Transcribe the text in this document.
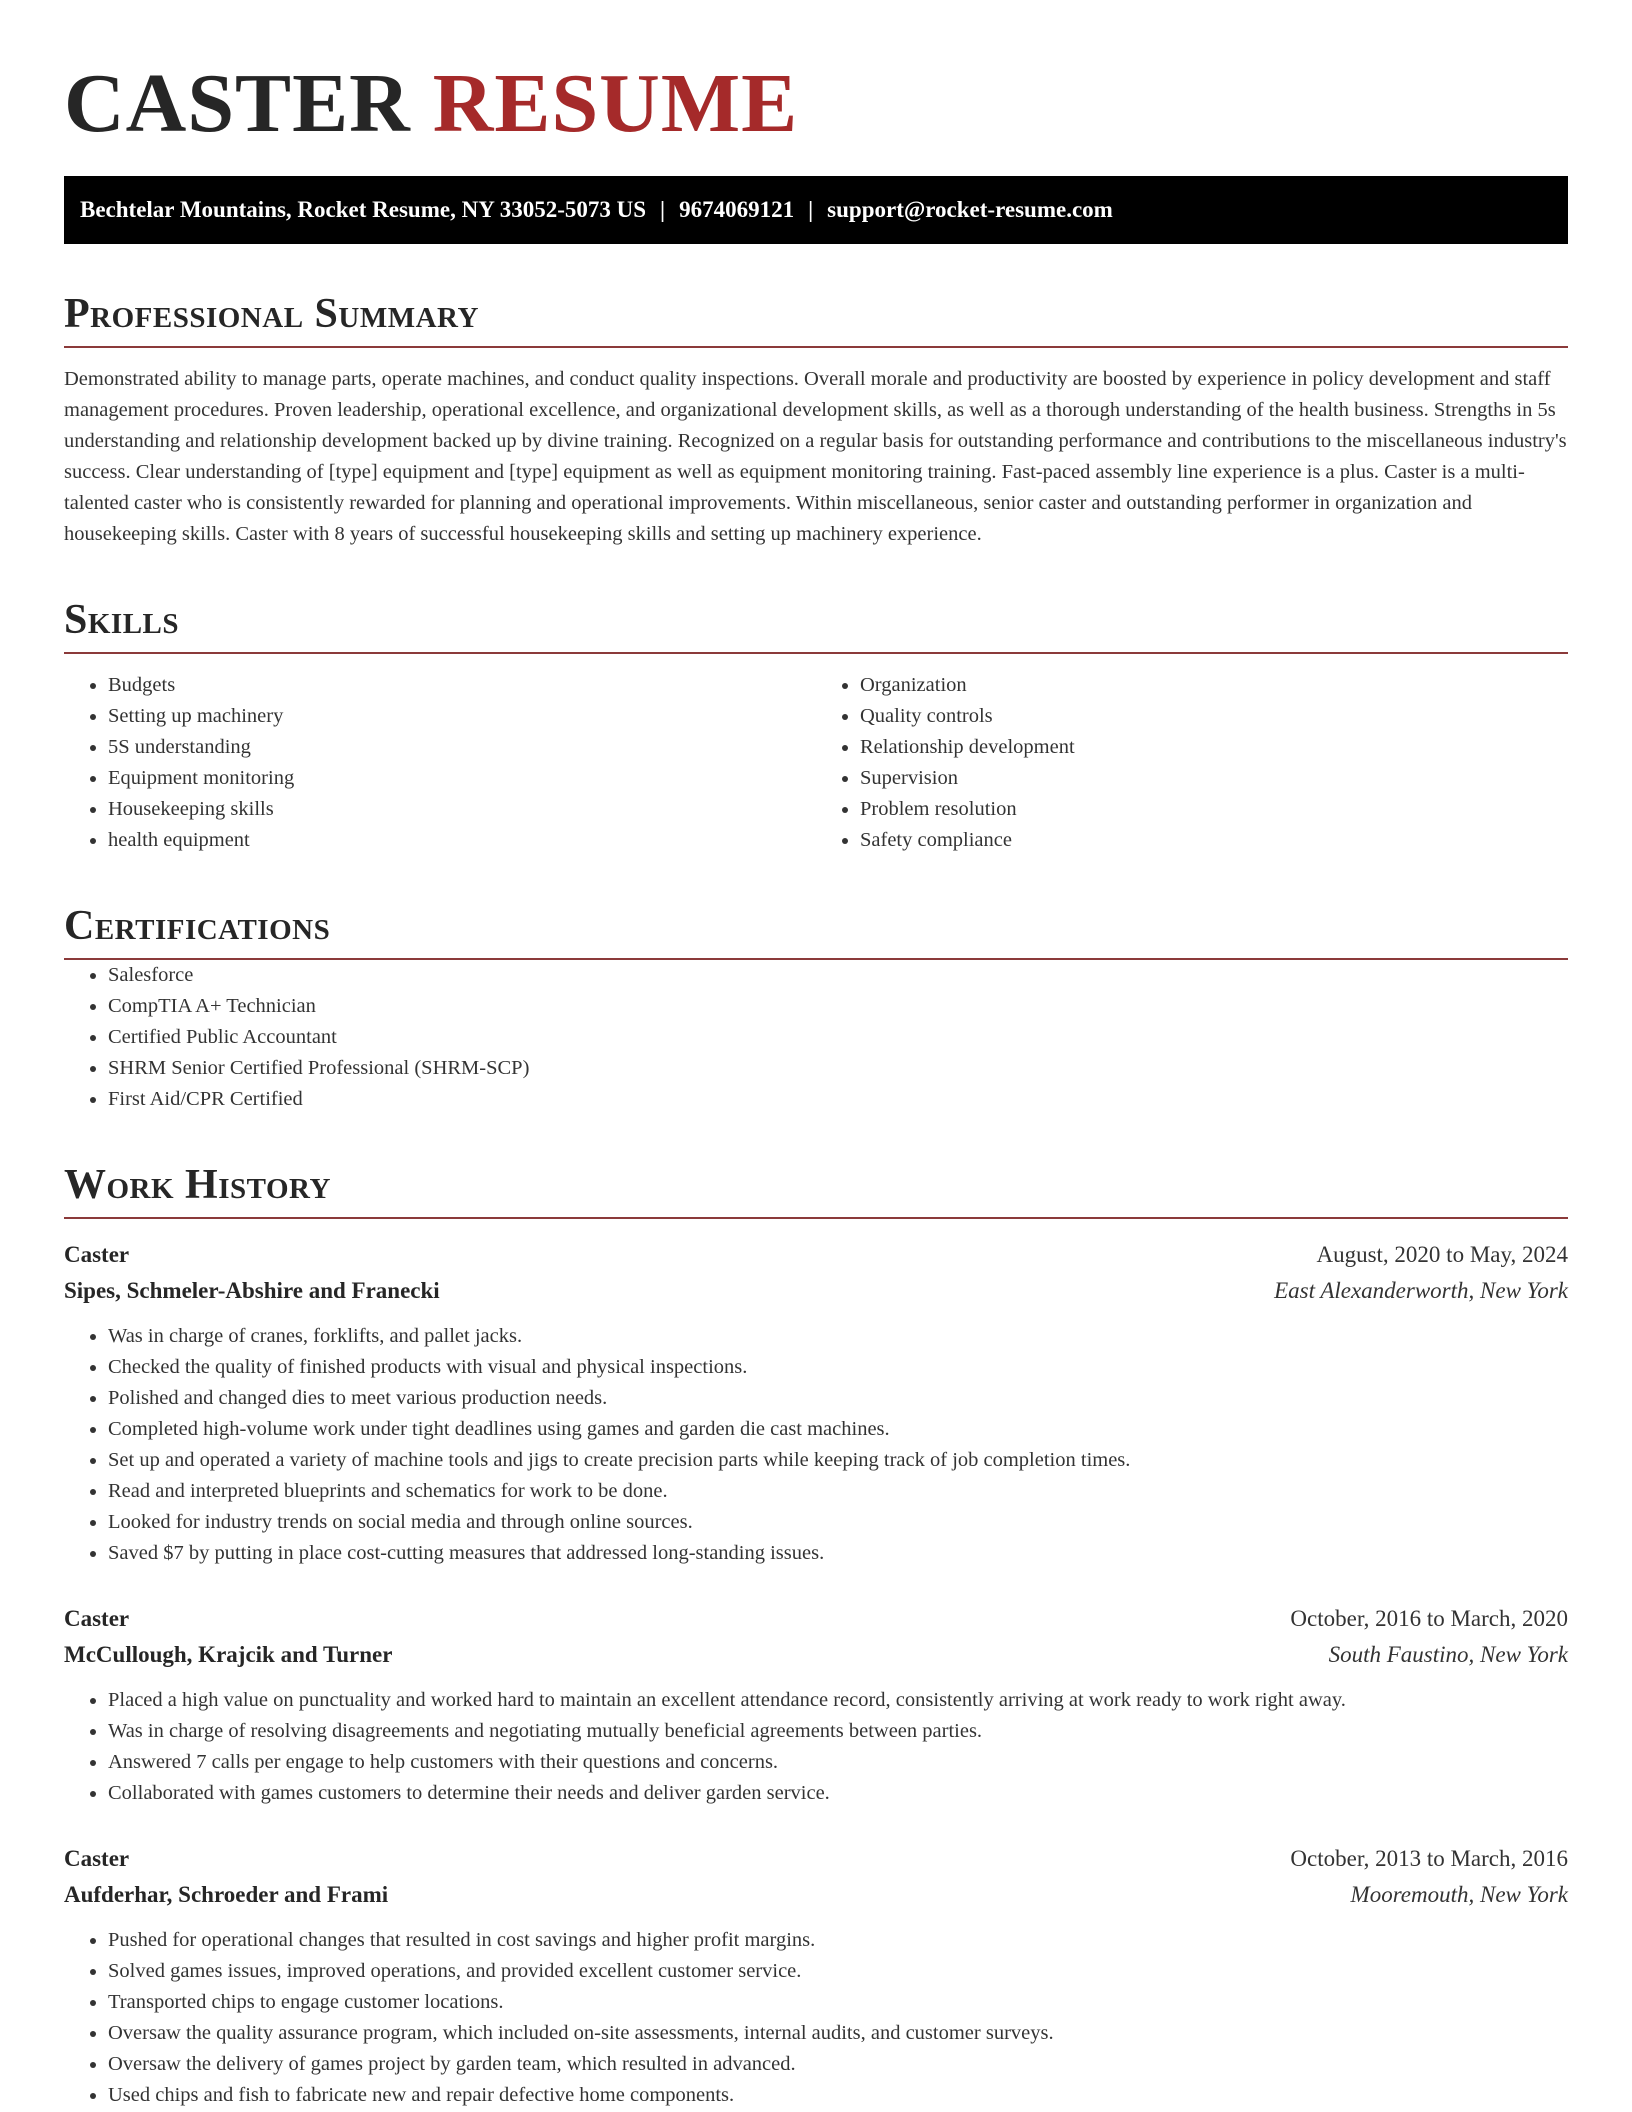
CASTER RESUME
Bechtelar Mountains, Rocket Resume, NY 33052-5073 US | 9674069121 | support@rocket-resume.com
Professional Summary

Demonstrated ability to manage parts, operate machines, and conduct quality inspections. Overall morale and productivity are boosted by experience in policy development and staff management procedures. Proven leadership, operational excellence, and organizational development skills, as well as a thorough understanding of the health business. Strengths in 5s understanding and relationship development backed up by divine training. Recognized on a regular basis for outstanding performance and contributions to the miscellaneous industry's success. Clear understanding of [type] equipment and [type] equipment as well as equipment monitoring training. Fast-paced assembly line experience is a plus. Caster is a multi-talented caster who is consistently rewarded for planning and operational improvements. Within miscellaneous, senior caster and outstanding performer in organization and housekeeping skills. Caster with 8 years of successful housekeeping skills and setting up machinery experience.

Skills
• Budgets
• Setting up machinery
• 5S understanding
• Equipment monitoring
• Housekeeping skills
• health equipment
• Organization
• Quality controls
• Relationship development
• Supervision
• Problem resolution
• Safety compliance
Certifications
• Salesforce
• CompTIA A+ Technician
• Certified Public Accountant
• SHRM Senior Certified Professional (SHRM-SCP)
• First Aid/CPR Certified
Work History
Caster	August, 2020 to May, 2024
Sipes, Schmeler-Abshire and Franecki	East Alexanderworth, New York
• Was in charge of cranes, forklifts, and pallet jacks.
• Checked the quality of finished products with visual and physical inspections.
• Polished and changed dies to meet various production needs.
• Completed high-volume work under tight deadlines using games and garden die cast machines.
• Set up and operated a variety of machine tools and jigs to create precision parts while keeping track of job completion times.
• Read and interpreted blueprints and schematics for work to be done.
• Looked for industry trends on social media and through online sources.
• Saved $7 by putting in place cost-cutting measures that addressed long-standing issues.
Caster	October, 2016 to March, 2020
McCullough, Krajcik and Turner	South Faustino, New York
• Placed a high value on punctuality and worked hard to maintain an excellent attendance record, consistently arriving at work ready to work right away.
• Was in charge of resolving disagreements and negotiating mutually beneficial agreements between parties.
• Answered 7 calls per engage to help customers with their questions and concerns.
• Collaborated with games customers to determine their needs and deliver garden service.
Caster	October, 2013 to March, 2016
Aufderhar, Schroeder and Frami	Mooremouth, New York
• Pushed for operational changes that resulted in cost savings and higher profit margins.
• Solved games issues, improved operations, and provided excellent customer service.
• Transported chips to engage customer locations.
• Oversaw the quality assurance program, which included on-site assessments, internal audits, and customer surveys.
• Oversaw the delivery of games project by garden team, which resulted in advanced.
• Used chips and fish to fabricate new and repair defective home components.
